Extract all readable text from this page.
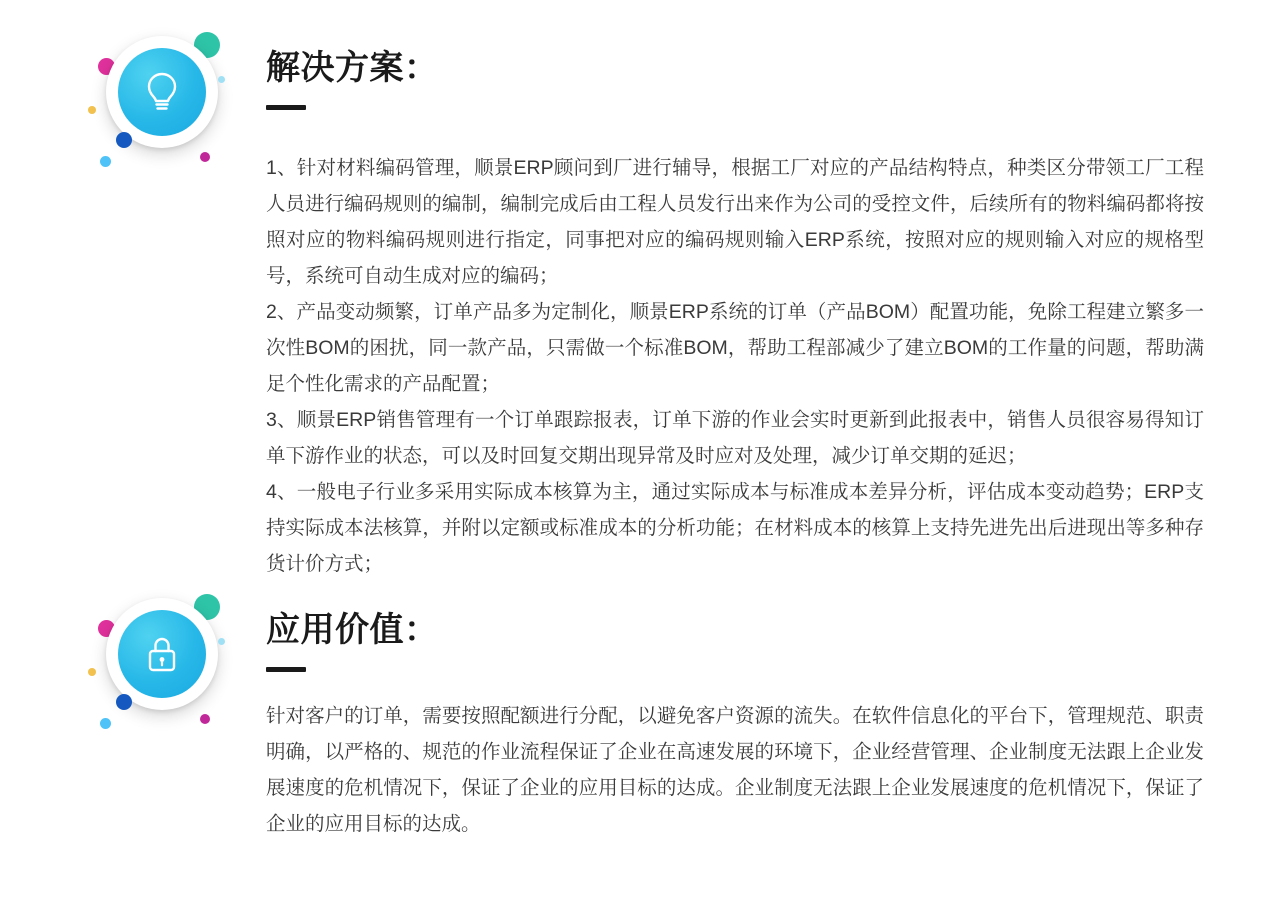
解决方案：

1、针对材料编码管理，顺景ERP顾问到厂进行辅导，根据工厂对应的产品结构特点，种类区分带领工厂工程人员进行编码规则的编制，编制完成后由工程人员发行出来作为公司的受控文件，后续所有的物料编码都将按照对应的物料编码规则进行指定，同事把对应的编码规则输入ERP系统，按照对应的规则输入对应的规格型号，系统可自动生成对应的编码；

2、产品变动频繁，订单产品多为定制化，顺景ERP系统的订单（产品BOM）配置功能，免除工程建立繁多一次性BOM的困扰，同一款产品，只需做一个标准BOM，帮助工程部减少了建立BOM的工作量的问题，帮助满足个性化需求的产品配置；

3、顺景ERP销售管理有一个订单跟踪报表，订单下游的作业会实时更新到此报表中，销售人员很容易得知订单下游作业的状态，可以及时回复交期出现异常及时应对及处理，减少订单交期的延迟；

4、一般电子行业多采用实际成本核算为主，通过实际成本与标准成本差异分析，评估成本变动趋势；ERP支持实际成本法核算，并附以定额或标准成本的分析功能；在材料成本的核算上支持先进先出后进现出等多种存货计价方式；

应用价值：

针对客户的订单，需要按照配额进行分配，以避免客户资源的流失。在软件信息化的平台下，管理规范、职责明确，以严格的、规范的作业流程保证了企业在高速发展的环境下，企业经营管理、企业制度无法跟上企业发展速度的危机情况下，保证了企业的应用目标的达成。企业制度无法跟上企业发展速度的危机情况下，保证了企业的应用目标的达成。
